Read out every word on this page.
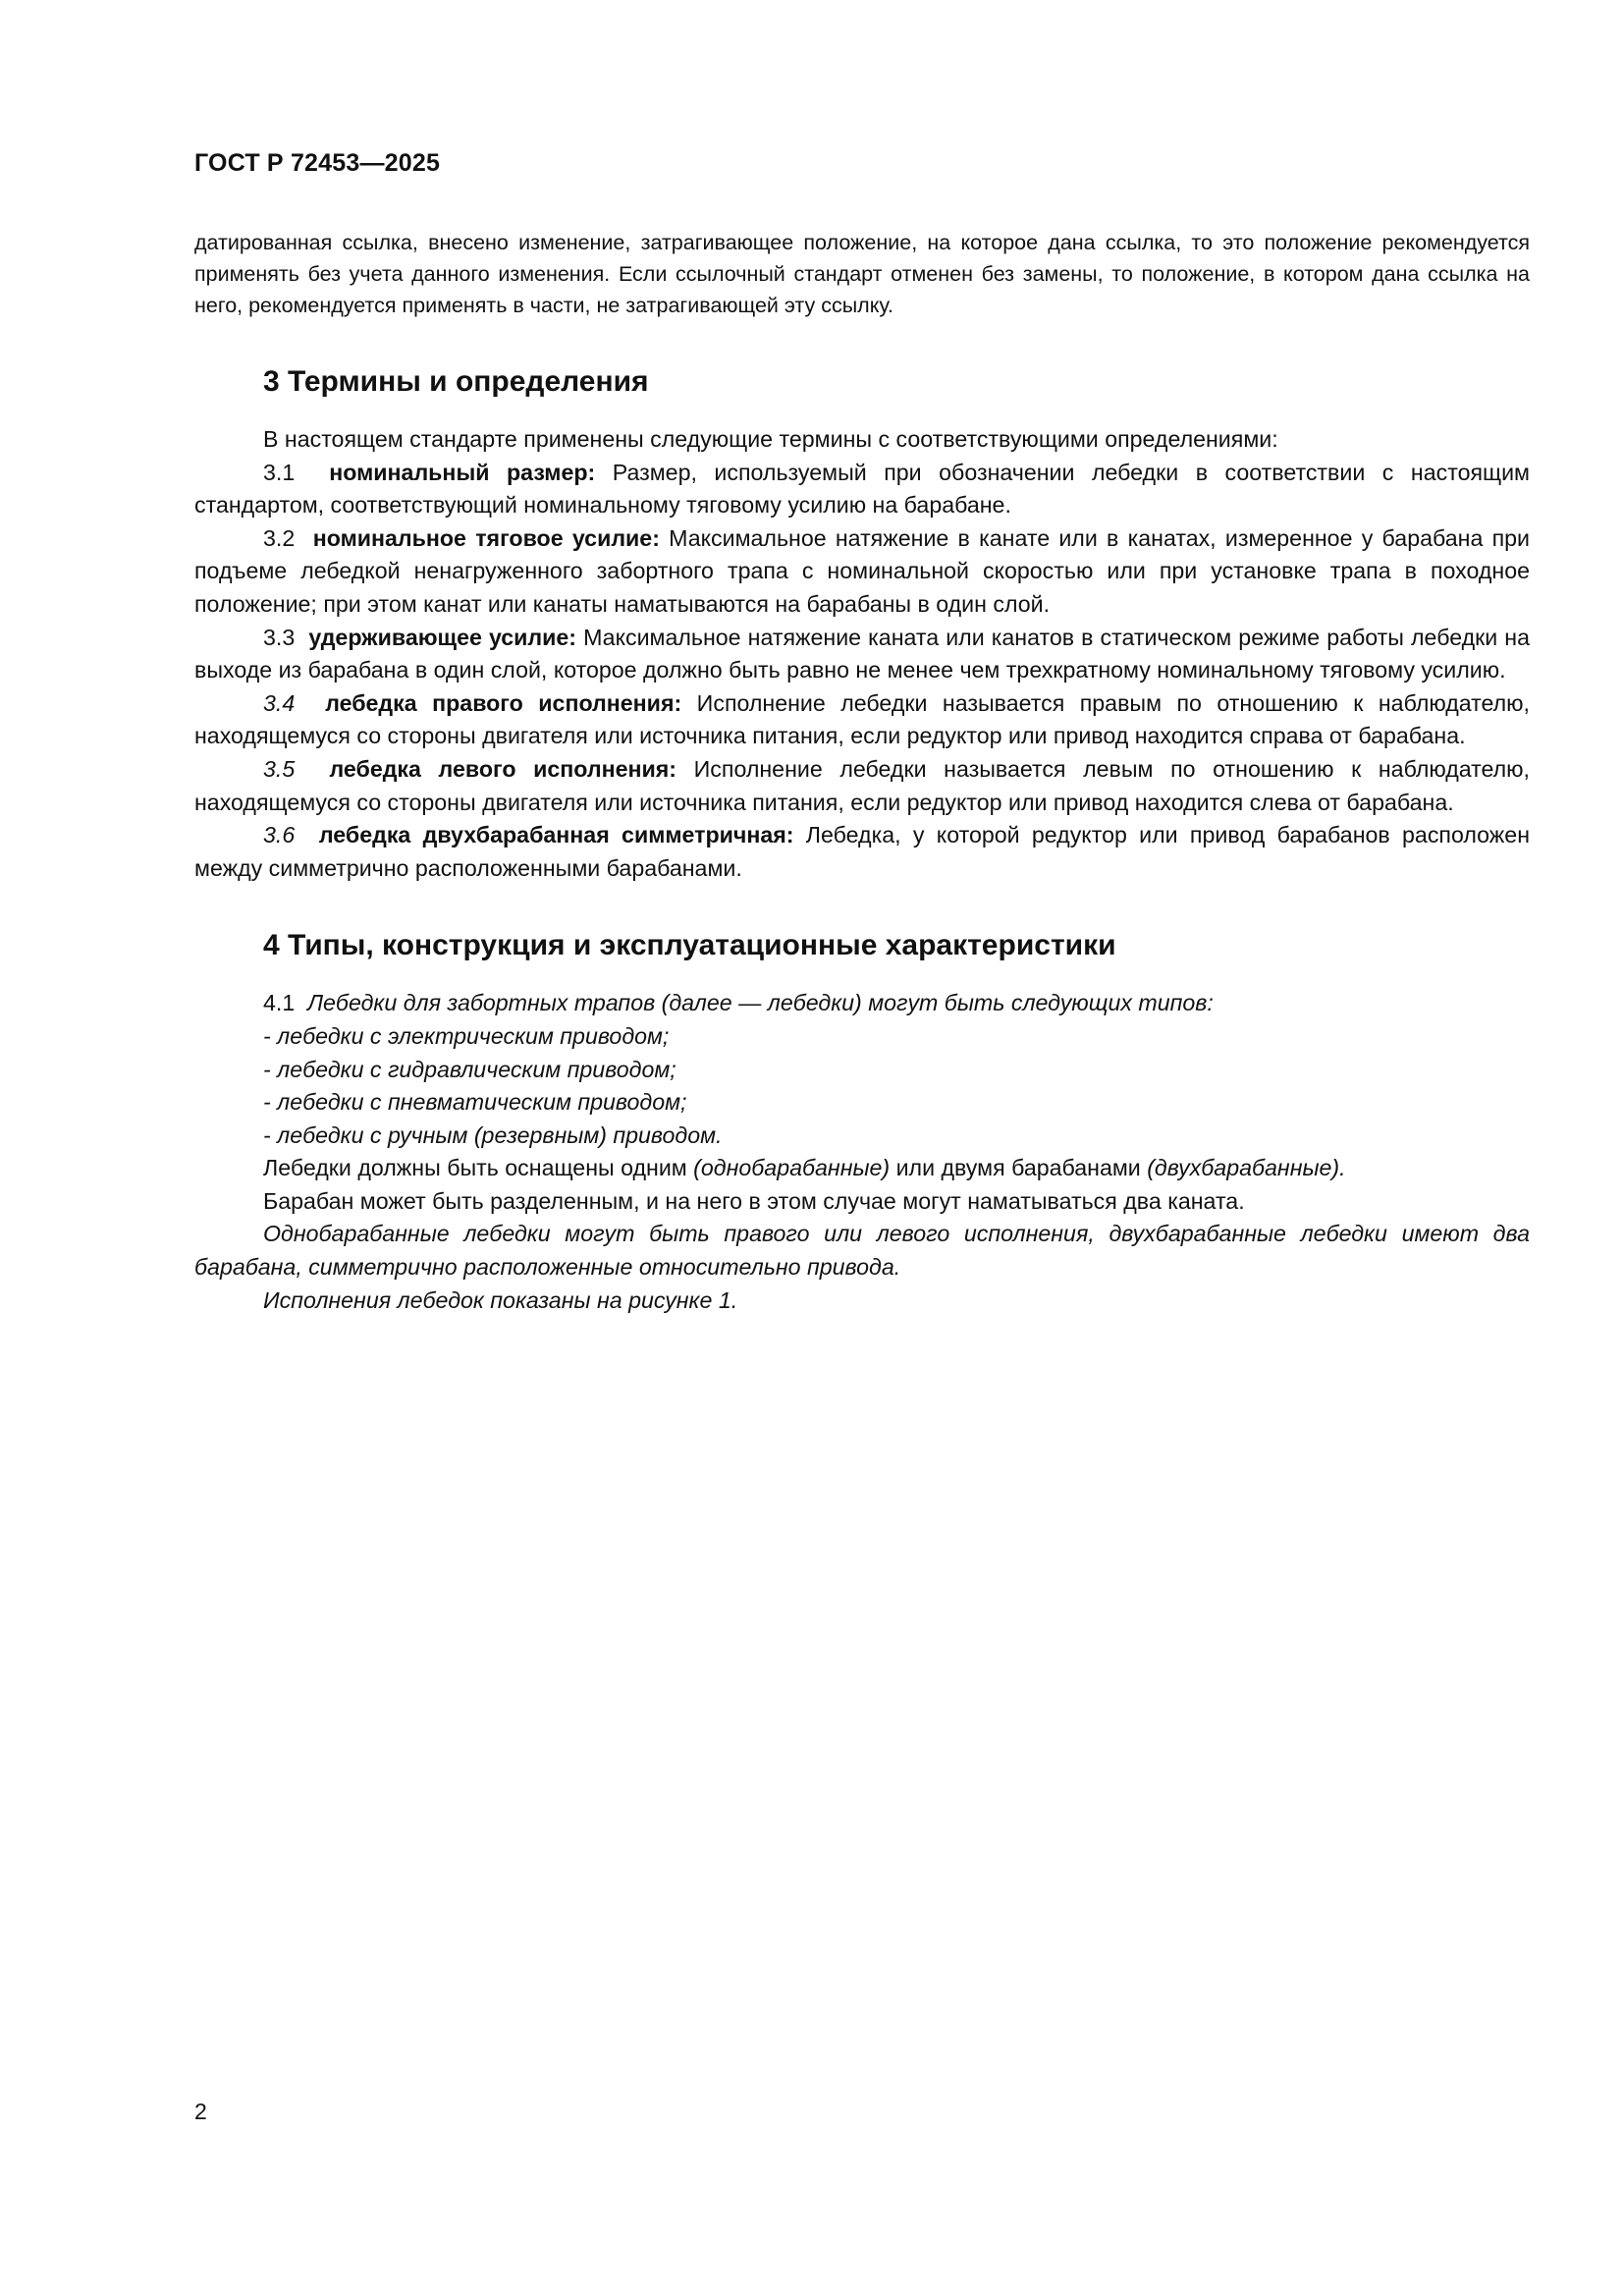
ГОСТ Р 72453—2025

датированная ссылка, внесено изменение, затрагивающее положение, на которое дана ссылка, то это положение рекомендуется применять без учета данного изменения. Если ссылочный стандарт отменен без замены, то положение, в котором дана ссылка на него, рекомендуется применять в части, не затрагивающей эту ссылку.

3 Термины и определения

В настоящем стандарте применены следующие термины с соответствующими определениями:

3.1 номинальный размер: Размер, используемый при обозначении лебедки в соответствии с настоящим стандартом, соответствующий номинальному тяговому усилию на барабане.

3.2 номинальное тяговое усилие: Максимальное натяжение в канате или в канатах, измеренное у барабана при подъеме лебедкой ненагруженного забортного трапа с номинальной скоростью или при установке трапа в походное положение; при этом канат или канаты наматываются на барабаны в один слой.

3.3 удерживающее усилие: Максимальное натяжение каната или канатов в статическом режиме работы лебедки на выходе из барабана в один слой, которое должно быть равно не менее чем трехкратному номинальному тяговому усилию.

3.4 лебедка правого исполнения: Исполнение лебедки называется правым по отношению к наблюдателю, находящемуся со стороны двигателя или источника питания, если редуктор или привод находится справа от барабана.

3.5 лебедка левого исполнения: Исполнение лебедки называется левым по отношению к наблюдателю, находящемуся со стороны двигателя или источника питания, если редуктор или привод находится слева от барабана.

3.6 лебедка двухбарабанная симметричная: Лебедка, у которой редуктор или привод барабанов расположен между симметрично расположенными барабанами.

4 Типы, конструкция и эксплуатационные характеристики

4.1 Лебедки для забортных трапов (далее — лебедки) могут быть следующих типов:

- лебедки с электрическим приводом;

- лебедки с гидравлическим приводом;

- лебедки с пневматическим приводом;

- лебедки с ручным (резервным) приводом.

Лебедки должны быть оснащены одним (однобарабанные) или двумя барабанами (двухбарабанные).

Барабан может быть разделенным, и на него в этом случае могут наматываться два каната.

Однобарабанные лебедки могут быть правого или левого исполнения, двухбарабанные лебедки имеют два барабана, симметрично расположенные относительно привода.

Исполнения лебедок показаны на рисунке 1.

2
